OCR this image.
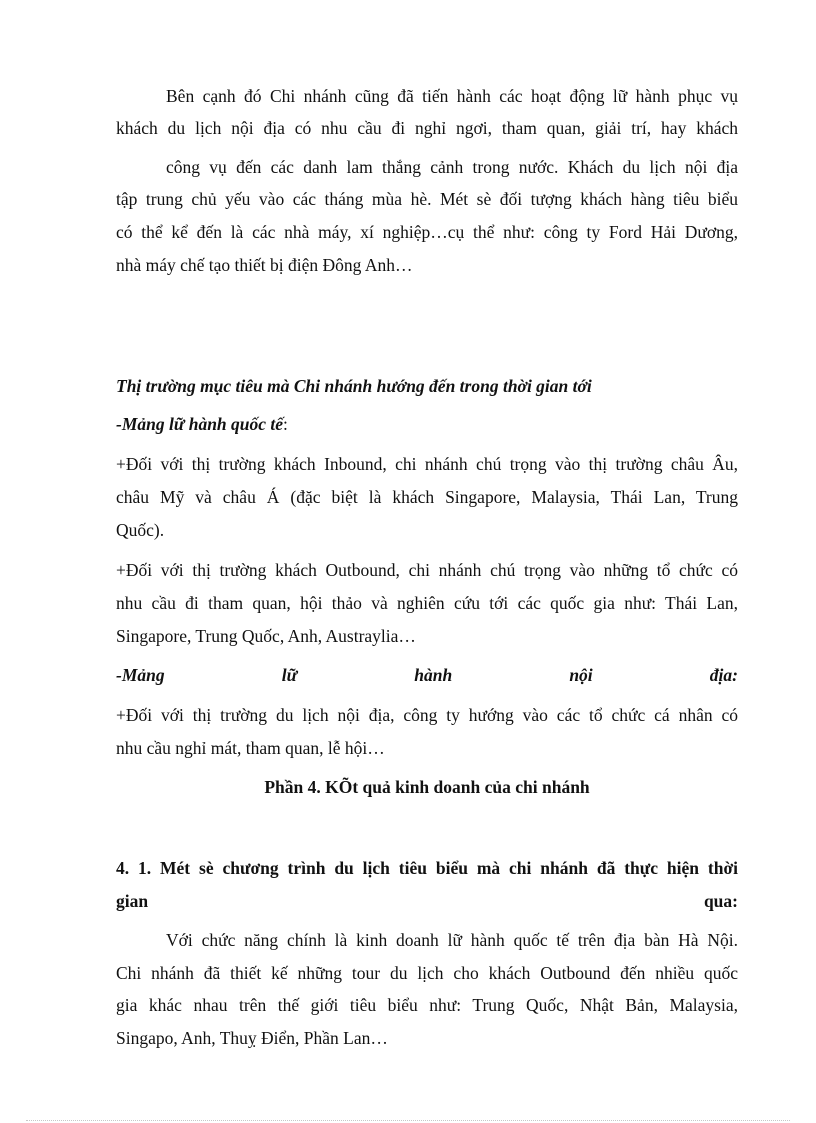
Bên cạnh đó Chi nhánh cũng đã tiến hành các hoạt động lữ hành phục vụ
khách du lịch nội địa có nhu cầu đi nghỉ ngơi, tham quan, giải trí, hay khách
công vụ đến các danh lam thắng cảnh trong nước. Khách du lịch nội địa
tập trung chủ yếu vào các tháng mùa hè. Mét sè đối tượng khách hàng tiêu biểu
có thể kể đến là các nhà máy, xí nghiệp…cụ thể như: công ty Ford Hải Dương,
nhà máy chế tạo thiết bị điện Đông Anh…
Thị trường mục tiêu mà Chi nhánh hướng đến trong thời gian tới
-Mảng lữ hành quốc tế:
+Đối với thị trường khách Inbound, chi nhánh chú trọng vào thị trường châu Âu,
châu Mỹ và châu Á (đặc biệt là khách Singapore, Malaysia, Thái Lan, Trung
Quốc).
+Đối với thị trường khách Outbound, chi nhánh chú trọng vào những tổ chức có
nhu cầu đi tham quan, hội thảo và nghiên cứu tới các quốc gia như: Thái Lan,
Singapore, Trung Quốc, Anh, Austraylia…
-Mảng	lữ	hành	nội	địa:
+Đối với thị trường du lịch nội địa, công ty hướng vào các tổ chức cá nhân có
nhu cầu nghỉ mát, tham quan, lễ hội…
Phần 4. KÕt quả kinh doanh của chi nhánh
4. 1. Mét sè chương trình du lịch tiêu biểu mà chi nhánh đã thực hiện thời
gian	qua:
Với chức năng chính là kinh doanh lữ hành quốc tế trên địa bàn Hà Nội.
Chi nhánh đã thiết kế những tour du lịch cho khách Outbound đến nhiều quốc
gia khác nhau trên thế giới tiêu biểu như: Trung Quốc, Nhật Bản, Malaysia,
Singapo, Anh, Thuỵ Điển, Phần Lan…
